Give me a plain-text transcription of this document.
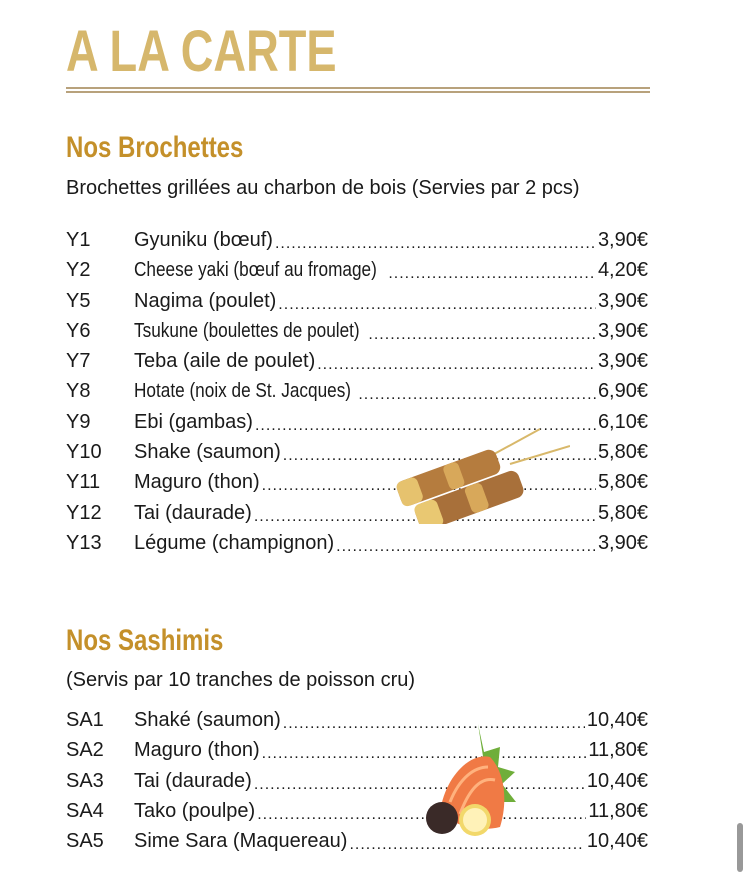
A LA CARTE
Nos Brochettes
Brochettes grillées au charbon de bois (Servies par 2 pcs)
Y1	Gyuniku (bœuf) .....	3,90€
Y2	Cheese yaki (bœuf au fromage) .....	4,20€
Y5	Nagima (poulet) .....	3,90€
Y6	Tsukune (boulettes de poulet) .....	3,90€
Y7	Teba (aile de poulet) .....	3,90€
Y8	Hotate (noix de St. Jacques) .....	6,90€
Y9	Ebi (gambas) .....	6,10€
Y10	Shake (saumon) .....	5,80€
Y11	Maguro (thon) .....	5,80€
Y12	Tai (daurade) .....	5,80€
Y13	Légume (champignon) .....	3,90€
Nos Sashimis
(Servis par 10 tranches de poisson cru)
SA1	Shaké (saumon) .....	10,40€
SA2	Maguro (thon) .....	11,80€
SA3	Tai (daurade) .....	10,40€
SA4	Tako (poulpe) .....	11,80€
SA5	Sime Sara (Maquereau) .....	10,40€
